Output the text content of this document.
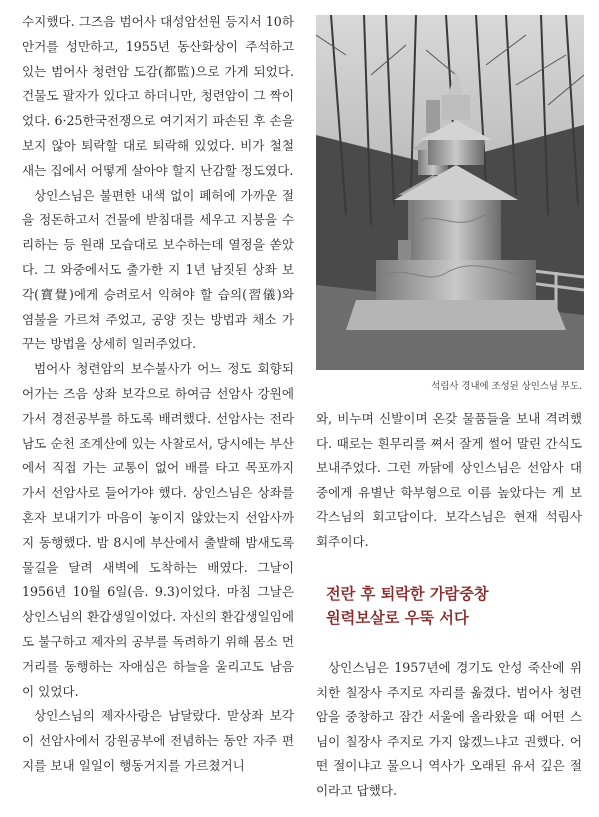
수지했다. 그즈음 범어사 대성암선원 등지서 10하안거를 성만하고, 1955년 동산화상이 주석하고 있는 범어사 청련암 도감(都監)으로 가게 되었다. 건물도 팔자가 있다고 하더니만, 청련암이 그 짝이었다. 6·25한국전쟁으로 여기저기 파손된 후 손을 보지 않아 퇴락할 대로 퇴락해 있었다. 비가 철철 새는 집에서 어떻게 살아야 할지 난감할 정도였다.

상인스님은 불편한 내색 없이 폐허에 가까운 절을 정돈하고서 건물에 받침대를 세우고 지붕을 수리하는 등 원래 모습대로 보수하는데 열정을 쏟았다. 그 와중에서도 출가한 지 1년 남짓된 상좌 보각(寶覺)에게 승려로서 익혀야 할 습의(習儀)와 염불을 가르쳐 주었고, 공양 짓는 방법과 채소 가꾸는 방법을 상세히 일러주었다.

범어사 청련암의 보수불사가 어느 정도 회향되어가는 즈음 상좌 보각으로 하여금 선암사 강원에 가서 경전공부를 하도록 배려했다. 선암사는 전라남도 순천 조계산에 있는 사찰로서, 당시에는 부산에서 직접 가는 교통이 없어 배를 타고 목포까지 가서 선암사로 들어가야 했다. 상인스님은 상좌를 혼자 보내기가 마음이 놓이지 않았는지 선암사까지 동행했다. 밤 8시에 부산에서 출발해 밤새도록 물길을 달려 새벽에 도착하는 배였다. 그날이 1956년 10월 6일(음. 9.3)이었다. 마침 그날은 상인스님의 환갑생일이었다. 자신의 환갑생일임에도 불구하고 제자의 공부를 독려하기 위해 몸소 먼 거리를 동행하는 자애심은 하늘을 울리고도 남음이 있었다.

상인스님의 제자사랑은 남달랐다. 맏상좌 보각이 선암사에서 강원공부에 전념하는 동안 자주 편지를 보내 일일이 행동거지를 가르쳤거니

석림사 경내에 조성된 상인스님 부도.

와, 비누며 신발이며 온갖 물품들을 보내 격려했다. 때로는 흰무리를 쪄서 잘게 썰어 말린 간식도 보내주었다. 그런 까닭에 상인스님은 선암사 대중에게 유별난 학부형으로 이름 높았다는 게 보각스님의 회고담이다. 보각스님은 현재 석림사 회주이다.

전란 후 퇴락한 가람중창
원력보살로 우뚝 서다

상인스님은 1957년에 경기도 안성 죽산에 위치한 칠장사 주지로 자리를 옮겼다. 범어사 청련암을 중창하고 잠간 서울에 올라왔을 때 어떤 스님이 칠장사 주지로 가지 않겠느냐고 권했다. 어떤 절이냐고 물으니 역사가 오래된 유서 깊은 절이라고 답했다.
